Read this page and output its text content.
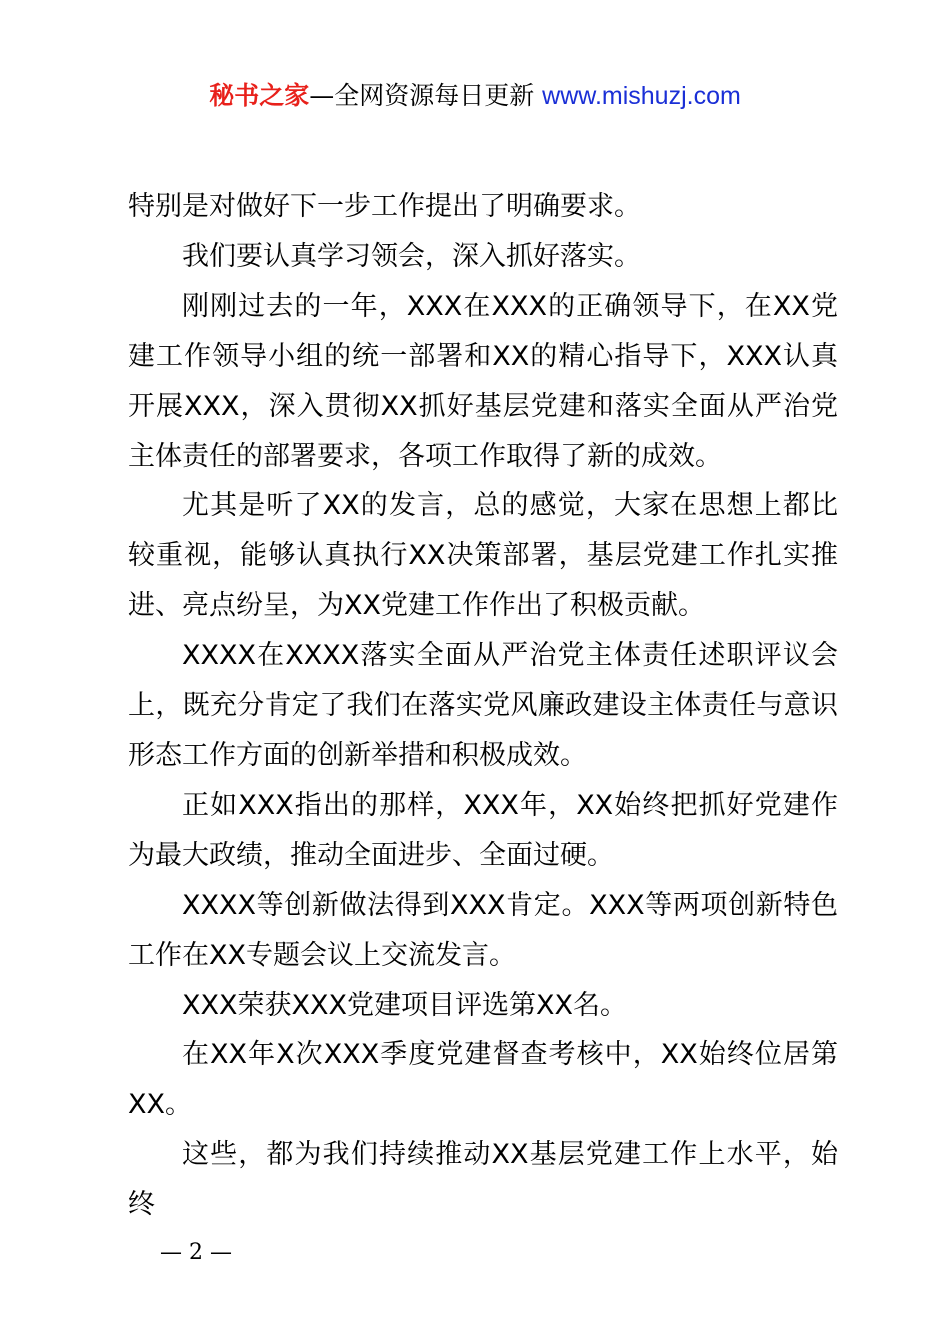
秘书之家—全网资源每日更新 www.mishuzj.com

特别是对做好下一步工作提出了明确要求。

我们要认真学习领会，深入抓好落实。

刚刚过去的一年，XXX在XXX的正确领导下，在XX党建工作领导小组的统一部署和XX的精心指导下，XXX认真开展XXX，深入贯彻XX抓好基层党建和落实全面从严治党主体责任的部署要求，各项工作取得了新的成效。

尤其是听了XX的发言，总的感觉，大家在思想上都比较重视，能够认真执行XX决策部署，基层党建工作扎实推进、亮点纷呈，为XX党建工作作出了积极贡献。

XXXX在XXXX落实全面从严治党主体责任述职评议会上，既充分肯定了我们在落实党风廉政建设主体责任与意识形态工作方面的创新举措和积极成效。

正如XXX指出的那样，XXX年，XX始终把抓好党建作为最大政绩，推动全面进步、全面过硬。

XXXX等创新做法得到XXX肯定。XXX等两项创新特色工作在XX专题会议上交流发言。

XXX荣获XXX党建项目评选第XX名。

在XX年X次XXX季度党建督查考核中，XX始终位居第XX。

这些，都为我们持续推动XX基层党建工作上水平，始终

— 2 —
